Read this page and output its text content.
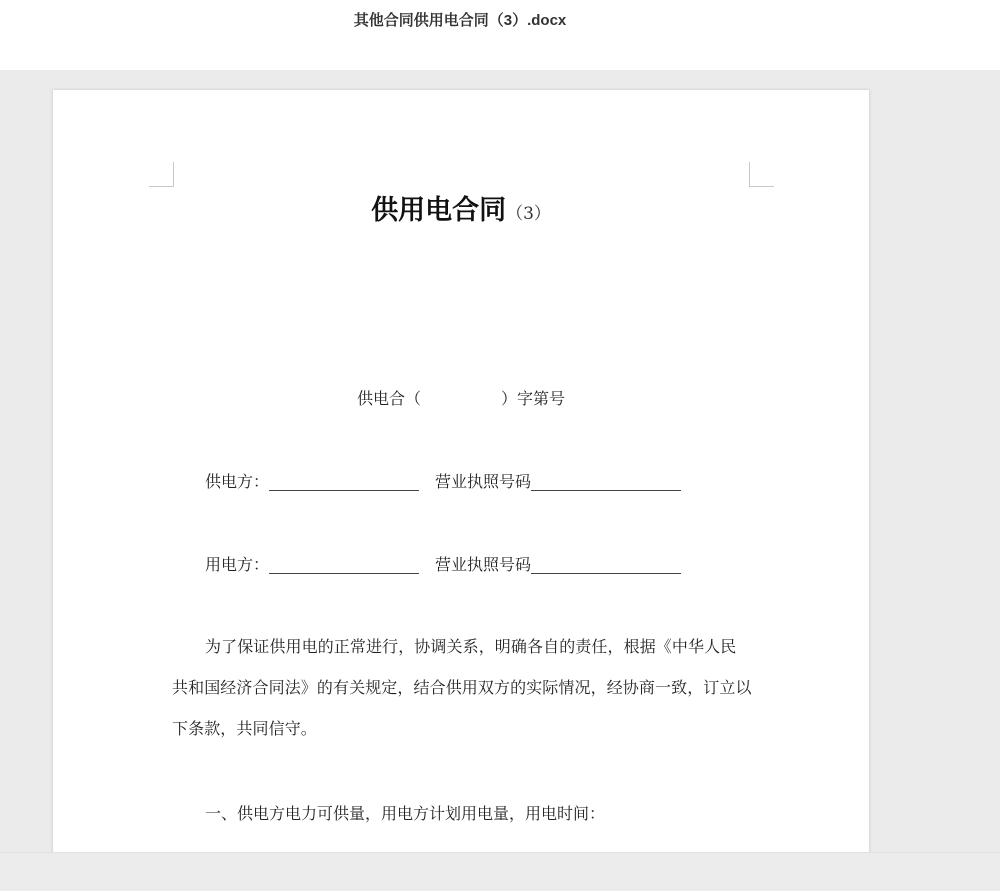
其他合同供用电合同（3）.docx
供用电合同（3）
供电合（	）字第号
供电方：	营业执照号码
用电方：	营业执照号码
为了保证供用电的正常进行，协调关系，明确各自的责任，根据《中华人民共和国经济合同法》的有关规定，结合供用双方的实际情况，经协商一致，订立以下条款，共同信守。
一、供电方电力可供量，用电方计划用电量，用电时间：
